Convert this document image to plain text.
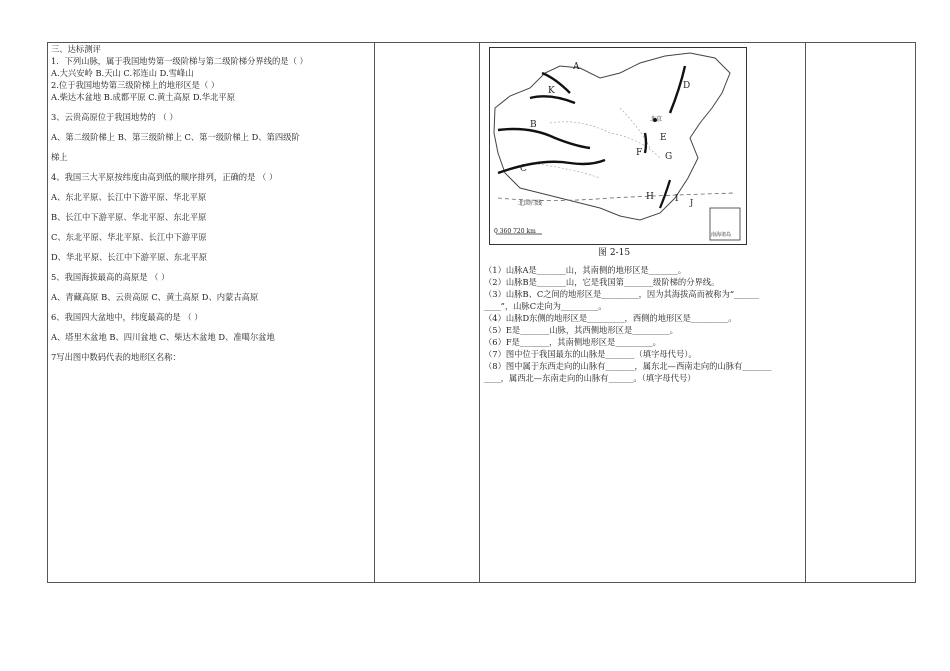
三、达标测评
1．下列山脉，属于我国地势第一级阶梯与第二级阶梯分界线的是（ ）
A.大兴安岭 B.天山 C.祁连山 D.雪峰山
2.位于我国地势第三级阶梯上的地形区是（ ）
A.柴达木盆地 B.成都平原 C.黄土高原 D.华北平原
3、云贵高原位于我国地势的 （ ）
A、第二级阶梯上 B、第三级阶梯上 C、第一级阶梯上 D、第四级阶
梯上
4、我国三大平原按纬度由高到低的顺序排列，正确的是 （ ）
A、东北平原、长江中下游平原、华北平原
B、长江中下游平原、华北平原、东北平原
C、东北平原、华北平原、长江中下游平原
D、华北平原、长江中下游平原、东北平原
5、我国海拔最高的高原是 （ ）
A、青藏高原 B、云贵高原 C、黄土高原 D、内蒙古高原
6、我国四大盆地中，纬度最高的是 （ ）
A、塔里木盆地 B、四川盆地 C、柴达木盆地 D、准噶尔盆地
7写出图中数码代表的地形区名称：
A
K
B
C
D
E
F	G
H I J
北京
北回归线
0 360 720 km	南海诸岛
图 2-15
（1）山脉A是_______山，其南侧的地形区是_______。
（2）山脉B是_______山，它是我国第_______级阶梯的分界线。
（3）山脉B、C之间的地形区是_________，因为其海拔高而被称为“______
____”，山脉C走向为_________。
（4）山脉D东侧的地形区是_________，西侧的地形区是_________。
（5）E是_______山脉，其西侧地形区是_________。
（6）F是_______，其南侧地形区是_________。
（7）图中位于我国最东的山脉是_______（填字母代号）。
（8）图中属于东西走向的山脉有_______，属东北—西南走向的山脉有_______
____，属西北—东南走向的山脉有______。（填字母代号）
